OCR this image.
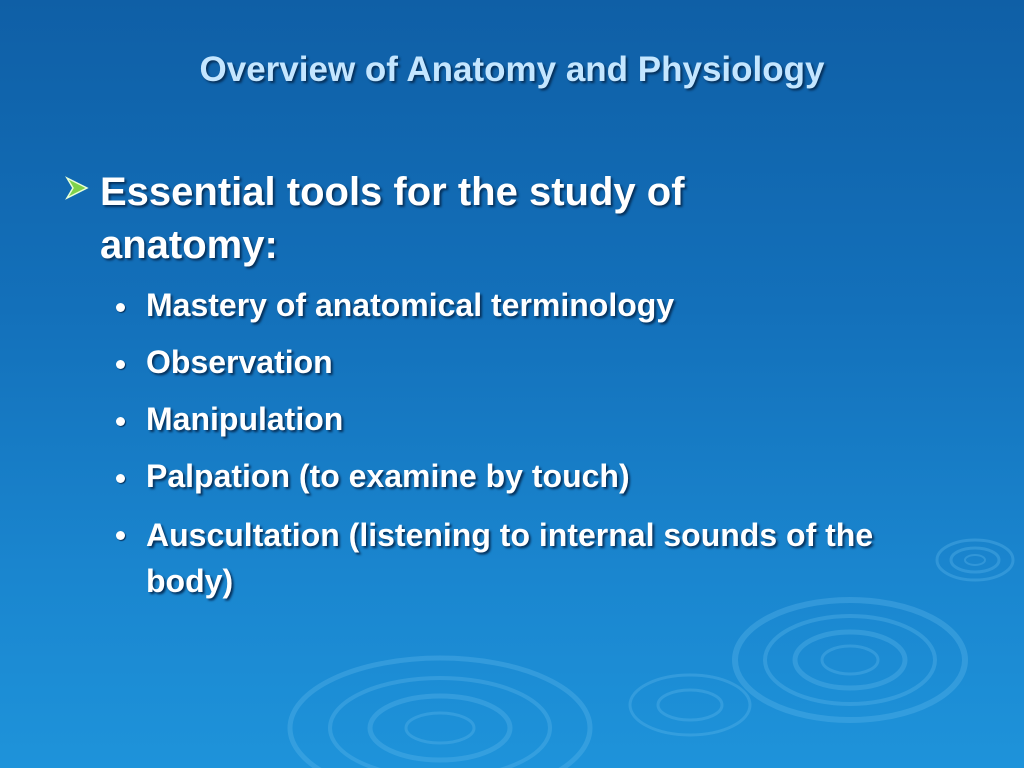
Overview of Anatomy and Physiology
Essential tools for the study of anatomy:
Mastery of anatomical terminology
Observation
Manipulation
Palpation (to examine by touch)
Auscultation (listening to internal sounds of the body)
